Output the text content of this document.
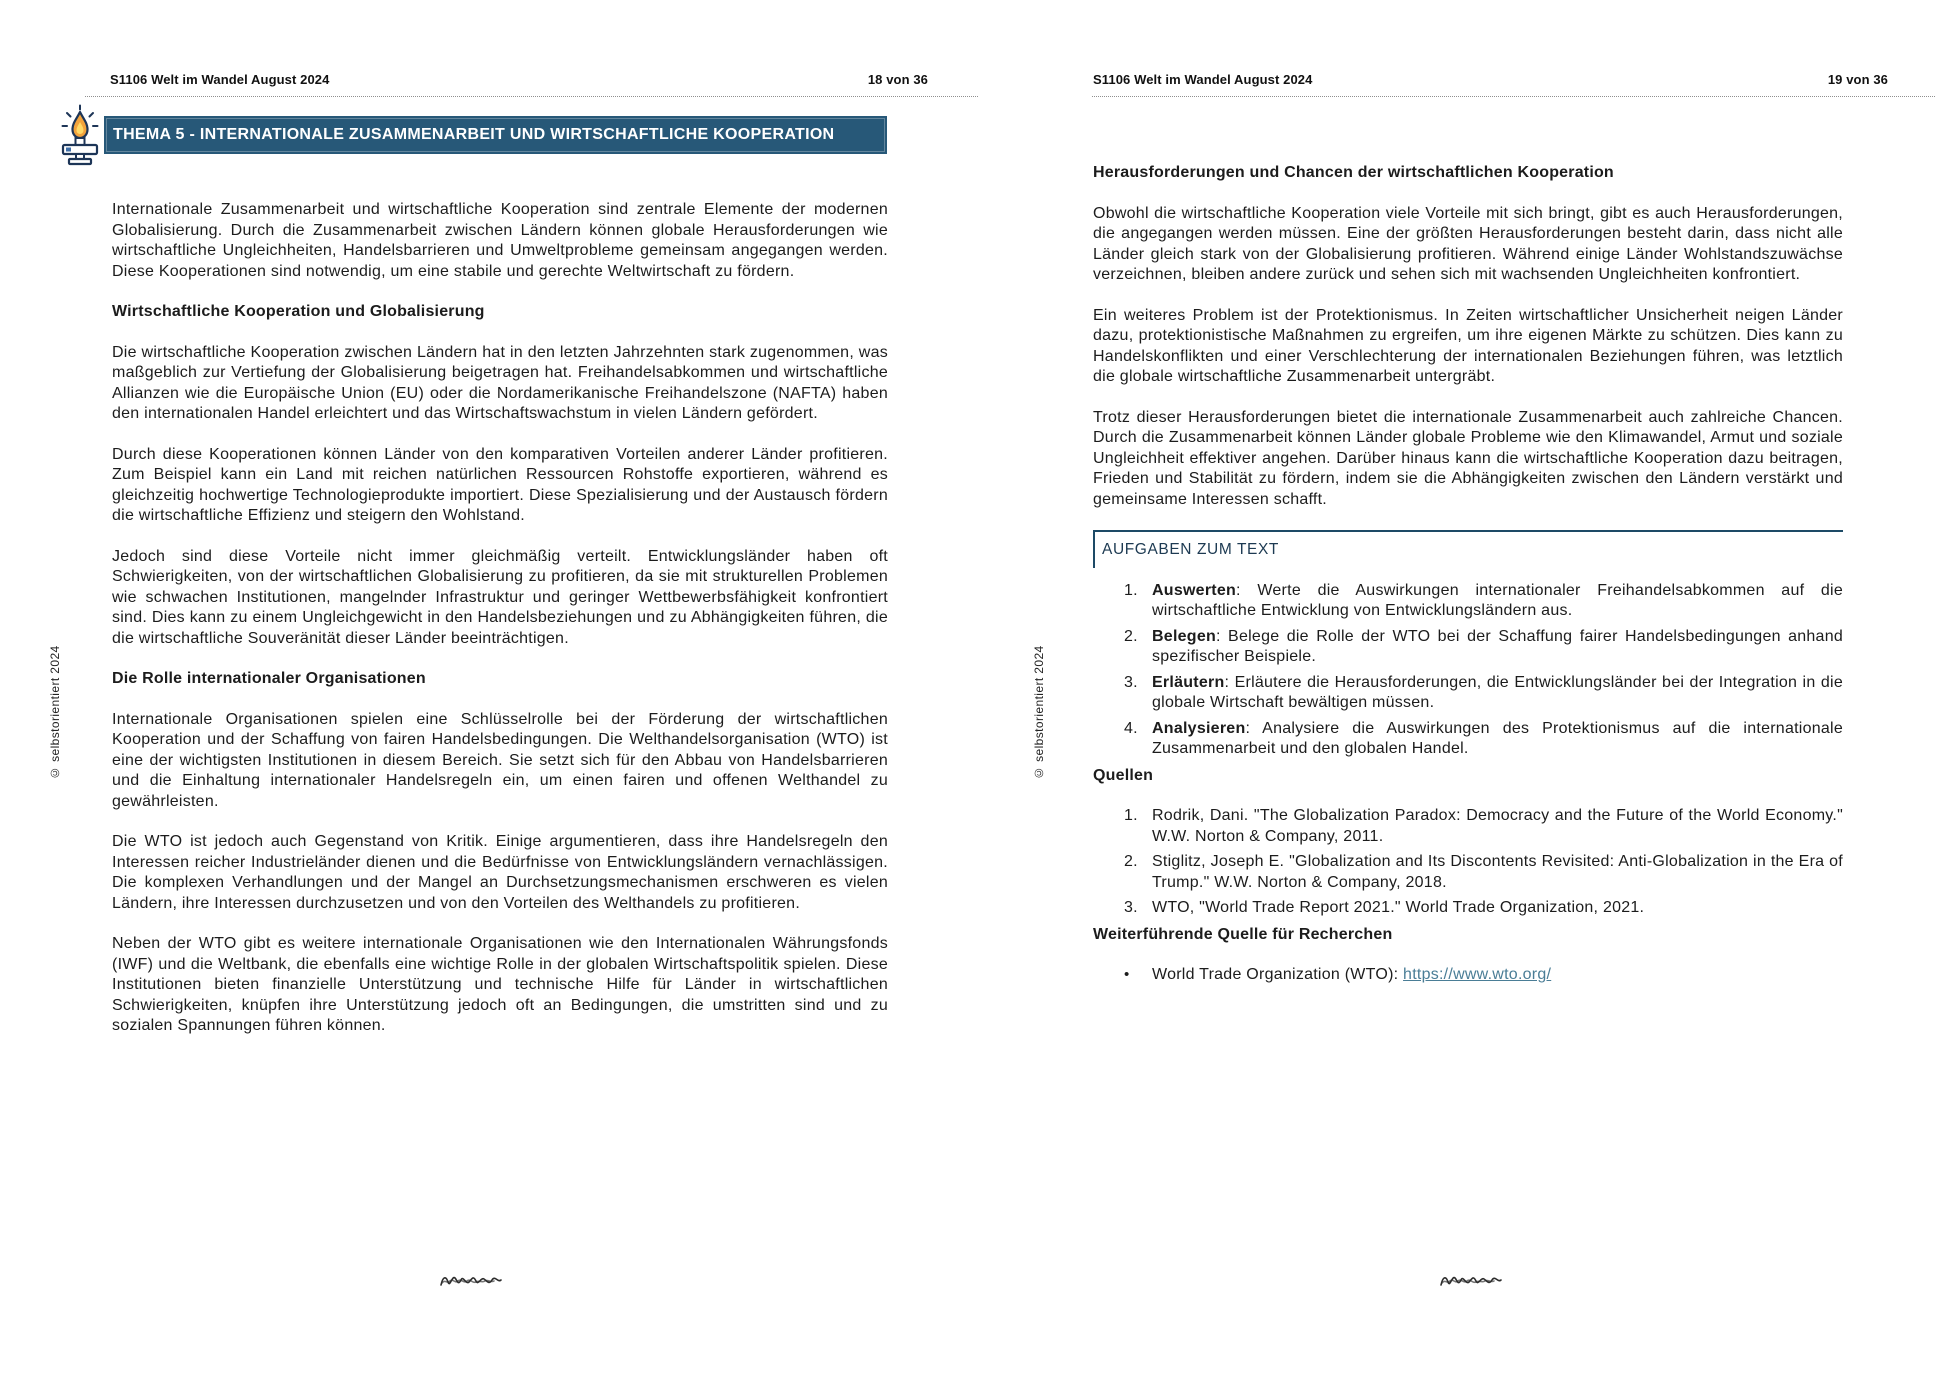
S1106 Welt im Wandel August 2024	18 von 36
THEMA 5 - INTERNATIONALE ZUSAMMENARBEIT UND WIRTSCHAFTLICHE KOOPERATION

Internationale Zusammenarbeit und wirtschaftliche Kooperation sind zentrale Elemente der modernen Globalisierung. Durch die Zusammenarbeit zwischen Ländern können globale Herausforderungen wie wirtschaftliche Ungleichheiten, Handelsbarrieren und Umweltprobleme gemeinsam angegangen werden. Diese Kooperationen sind notwendig, um eine stabile und gerechte Weltwirtschaft zu fördern.

Wirtschaftliche Kooperation und Globalisierung

Die wirtschaftliche Kooperation zwischen Ländern hat in den letzten Jahrzehnten stark zugenommen, was maßgeblich zur Vertiefung der Globalisierung beigetragen hat. Freihandelsabkommen und wirtschaftliche Allianzen wie die Europäische Union (EU) oder die Nordamerikanische Freihandelszone (NAFTA) haben den internationalen Handel erleichtert und das Wirtschaftswachstum in vielen Ländern gefördert.

Durch diese Kooperationen können Länder von den komparativen Vorteilen anderer Länder profitieren. Zum Beispiel kann ein Land mit reichen natürlichen Ressourcen Rohstoffe exportieren, während es gleichzeitig hochwertige Technologieprodukte importiert. Diese Spezialisierung und der Austausch fördern die wirtschaftliche Effizienz und steigern den Wohlstand.

Jedoch sind diese Vorteile nicht immer gleichmäßig verteilt. Entwicklungsländer haben oft Schwierigkeiten, von der wirtschaftlichen Globalisierung zu profitieren, da sie mit strukturellen Problemen wie schwachen Institutionen, mangelnder Infrastruktur und geringer Wettbewerbsfähigkeit konfrontiert sind. Dies kann zu einem Ungleichgewicht in den Handelsbeziehungen und zu Abhängigkeiten führen, die die wirtschaftliche Souveränität dieser Länder beeinträchtigen.

Die Rolle internationaler Organisationen

Internationale Organisationen spielen eine Schlüsselrolle bei der Förderung der wirtschaftlichen Kooperation und der Schaffung von fairen Handelsbedingungen. Die Welthandelsorganisation (WTO) ist eine der wichtigsten Institutionen in diesem Bereich. Sie setzt sich für den Abbau von Handelsbarrieren und die Einhaltung internationaler Handelsregeln ein, um einen fairen und offenen Welthandel zu gewährleisten.

Die WTO ist jedoch auch Gegenstand von Kritik. Einige argumentieren, dass ihre Handelsregeln den Interessen reicher Industrieländer dienen und die Bedürfnisse von Entwicklungsländern vernachlässigen. Die komplexen Verhandlungen und der Mangel an Durchsetzungsmechanismen erschweren es vielen Ländern, ihre Interessen durchzusetzen und von den Vorteilen des Welthandels zu profitieren.

Neben der WTO gibt es weitere internationale Organisationen wie den Internationalen Währungsfonds (IWF) und die Weltbank, die ebenfalls eine wichtige Rolle in der globalen Wirtschaftspolitik spielen. Diese Institutionen bieten finanzielle Unterstützung und technische Hilfe für Länder in wirtschaftlichen Schwierigkeiten, knüpfen ihre Unterstützung jedoch oft an Bedingungen, die umstritten sind und zu sozialen Spannungen führen können.

© selbstorientiert 2024
S1106 Welt im Wandel August 2024	19 von 36
Herausforderungen und Chancen der wirtschaftlichen Kooperation

Obwohl die wirtschaftliche Kooperation viele Vorteile mit sich bringt, gibt es auch Herausforderungen, die angegangen werden müssen. Eine der größten Herausforderungen besteht darin, dass nicht alle Länder gleich stark von der Globalisierung profitieren. Während einige Länder Wohlstandszuwächse verzeichnen, bleiben andere zurück und sehen sich mit wachsenden Ungleichheiten konfrontiert.

Ein weiteres Problem ist der Protektionismus. In Zeiten wirtschaftlicher Unsicherheit neigen Länder dazu, protektionistische Maßnahmen zu ergreifen, um ihre eigenen Märkte zu schützen. Dies kann zu Handelskonflikten und einer Verschlechterung der internationalen Beziehungen führen, was letztlich die globale wirtschaftliche Zusammenarbeit untergräbt.

Trotz dieser Herausforderungen bietet die internationale Zusammenarbeit auch zahlreiche Chancen. Durch die Zusammenarbeit können Länder globale Probleme wie den Klimawandel, Armut und soziale Ungleichheit effektiver angehen. Darüber hinaus kann die wirtschaftliche Kooperation dazu beitragen, Frieden und Stabilität zu fördern, indem sie die Abhängigkeiten zwischen den Ländern verstärkt und gemeinsame Interessen schafft.

AUFGABEN ZUM TEXT
1. Auswerten: Werte die Auswirkungen internationaler Freihandelsabkommen auf die wirtschaftliche Entwicklung von Entwicklungsländern aus.
2. Belegen: Belege die Rolle der WTO bei der Schaffung fairer Handelsbedingungen anhand spezifischer Beispiele.
3. Erläutern: Erläutere die Herausforderungen, die Entwicklungsländer bei der Integration in die globale Wirtschaft bewältigen müssen.
4. Analysieren: Analysiere die Auswirkungen des Protektionismus auf die internationale Zusammenarbeit und den globalen Handel.
Quellen
1. Rodrik, Dani. "The Globalization Paradox: Democracy and the Future of the World Economy." W.W. Norton & Company, 2011.
2. Stiglitz, Joseph E. "Globalization and Its Discontents Revisited: Anti-Globalization in the Era of Trump." W.W. Norton & Company, 2018.
3. WTO, "World Trade Report 2021." World Trade Organization, 2021.
Weiterführende Quelle für Recherchen
•	World Trade Organization (WTO): https://www.wto.org/
© selbstorientiert 2024
